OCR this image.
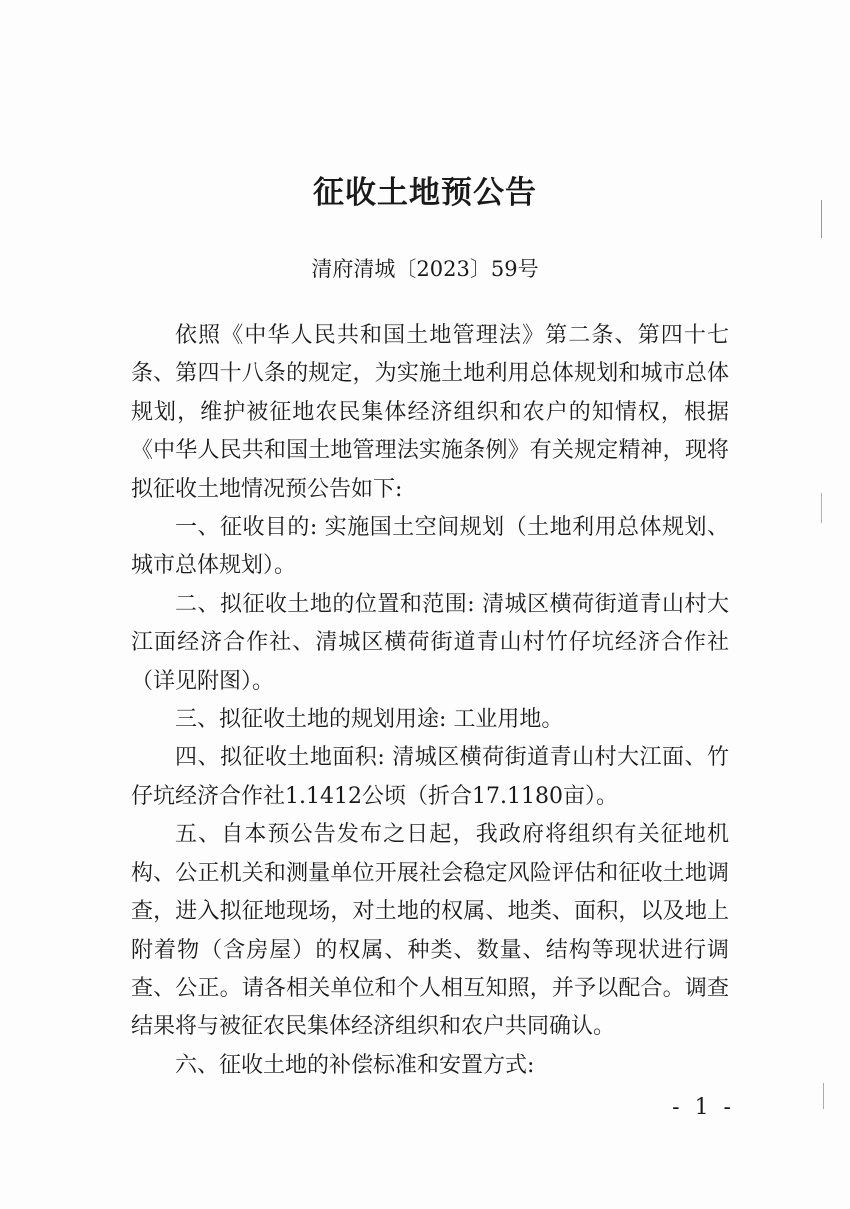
征收土地预公告
清府清城〔2023〕59号

依照《中华人民共和国土地管理法》第二条、第四十七条、第四十八条的规定，为实施土地利用总体规划和城市总体规划，维护被征地农民集体经济组织和农户的知情权，根据《中华人民共和国土地管理法实施条例》有关规定精神，现将拟征收土地情况预公告如下:

一、征收目的: 实施国土空间规划（土地利用总体规划、城市总体规划）。

二、拟征收土地的位置和范围: 清城区横荷街道青山村大江面经济合作社、清城区横荷街道青山村竹仔坑经济合作社（详见附图）。

三、拟征收土地的规划用途: 工业用地。

四、拟征收土地面积: 清城区横荷街道青山村大江面、竹仔坑经济合作社1.1412公顷（折合17.1180亩）。

五、自本预公告发布之日起，我政府将组织有关征地机构、公正机关和测量单位开展社会稳定风险评估和征收土地调查，进入拟征地现场，对土地的权属、地类、面积，以及地上附着物（含房屋）的权属、种类、数量、结构等现状进行调查、公正。请各相关单位和个人相互知照，并予以配合。调查结果将与被征农民集体经济组织和农户共同确认。

六、征收土地的补偿标准和安置方式:

- 1 -
